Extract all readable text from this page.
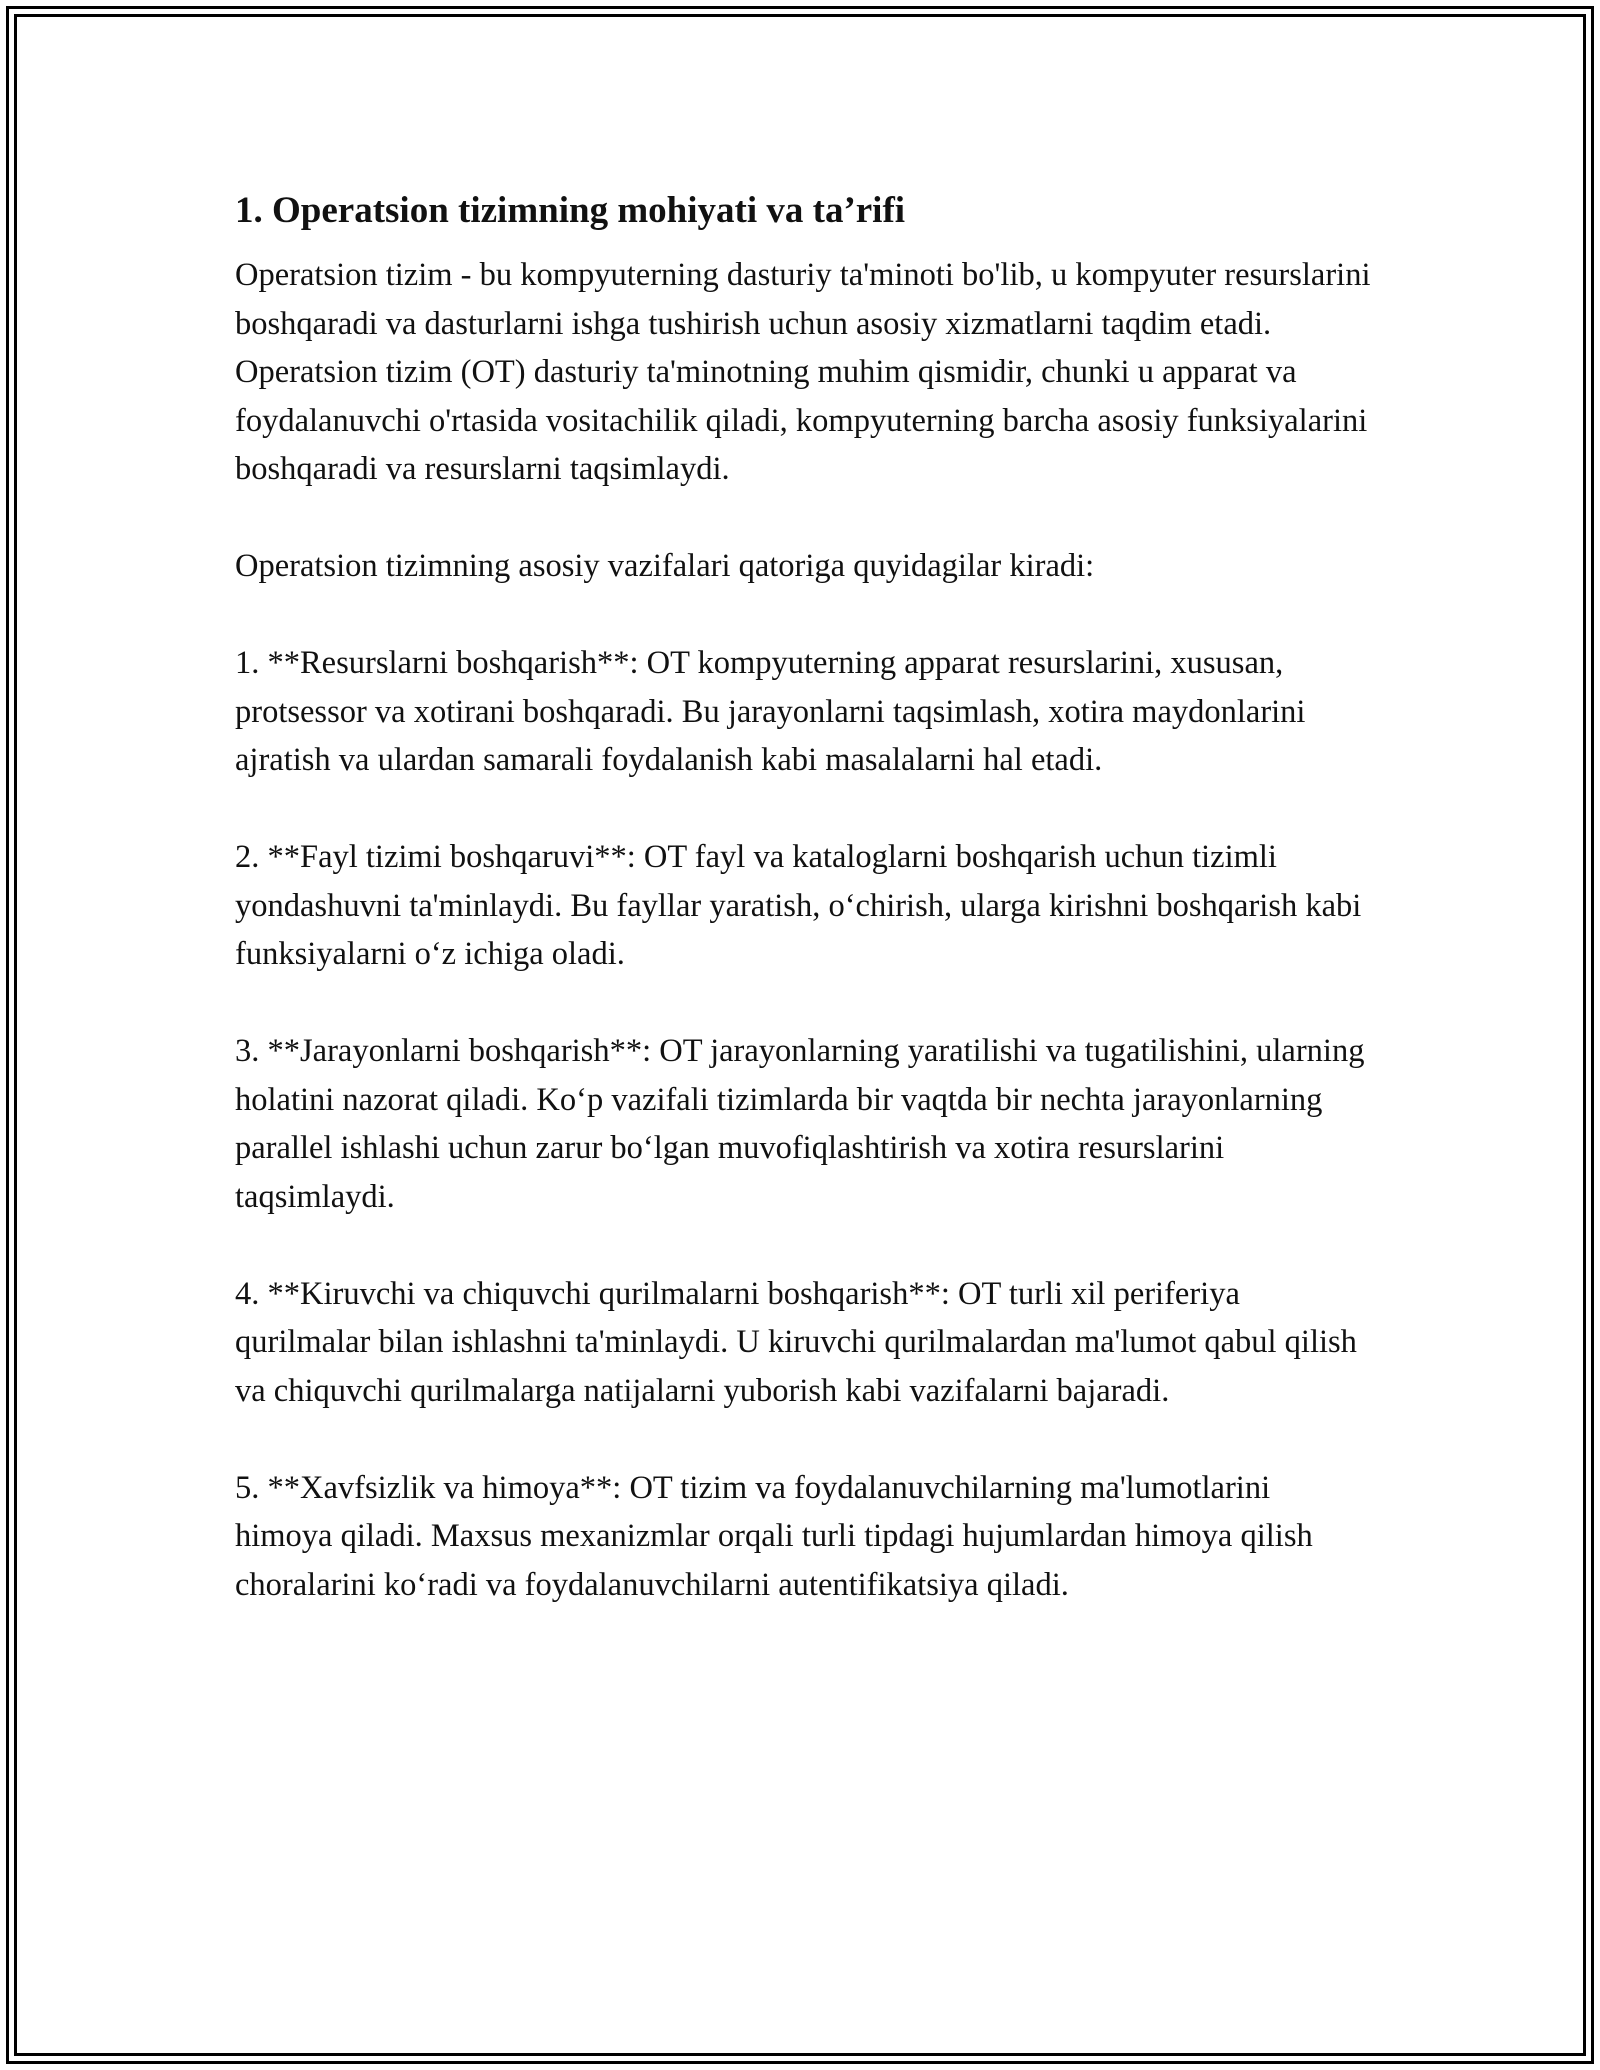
1. Operatsion tizimning mohiyati va ta’rifi

Operatsion tizim - bu kompyuterning dasturiy ta'minoti bo'lib, u kompyuter resurslarini boshqaradi va dasturlarni ishga tushirish uchun asosiy xizmatlarni taqdim etadi. Operatsion tizim (OT) dasturiy ta'minotning muhim qismidir, chunki u apparat va foydalanuvchi o'rtasida vositachilik qiladi, kompyuterning barcha asosiy funksiyalarini boshqaradi va resurslarni taqsimlaydi.

Operatsion tizimning asosiy vazifalari qatoriga quyidagilar kiradi:

1. **Resurslarni boshqarish**: OT kompyuterning apparat resurslarini, xususan, protsessor va xotirani boshqaradi. Bu jarayonlarni taqsimlash, xotira maydonlarini ajratish va ulardan samarali foydalanish kabi masalalarni hal etadi.

2. **Fayl tizimi boshqaruvi**: OT fayl va kataloglarni boshqarish uchun tizimli yondashuvni ta'minlaydi. Bu fayllar yaratish, oʻchirish, ularga kirishni boshqarish kabi funksiyalarni oʻz ichiga oladi.

3. **Jarayonlarni boshqarish**: OT jarayonlarning yaratilishi va tugatilishini, ularning holatini nazorat qiladi. Koʻp vazifali tizimlarda bir vaqtda bir nechta jarayonlarning parallel ishlashi uchun zarur boʻlgan muvofiqlashtirish va xotira resurslarini taqsimlaydi.

4. **Kiruvchi va chiquvchi qurilmalarni boshqarish**: OT turli xil periferiya qurilmalar bilan ishlashni ta'minlaydi. U kiruvchi qurilmalardan ma'lumot qabul qilish va chiquvchi qurilmalarga natijalarni yuborish kabi vazifalarni bajaradi.

5. **Xavfsizlik va himoya**: OT tizim va foydalanuvchilarning ma'lumotlarini himoya qiladi. Maxsus mexanizmlar orqali turli tipdagi hujumlardan himoya qilish choralarini koʻradi va foydalanuvchilarni autentifikatsiya qiladi.
